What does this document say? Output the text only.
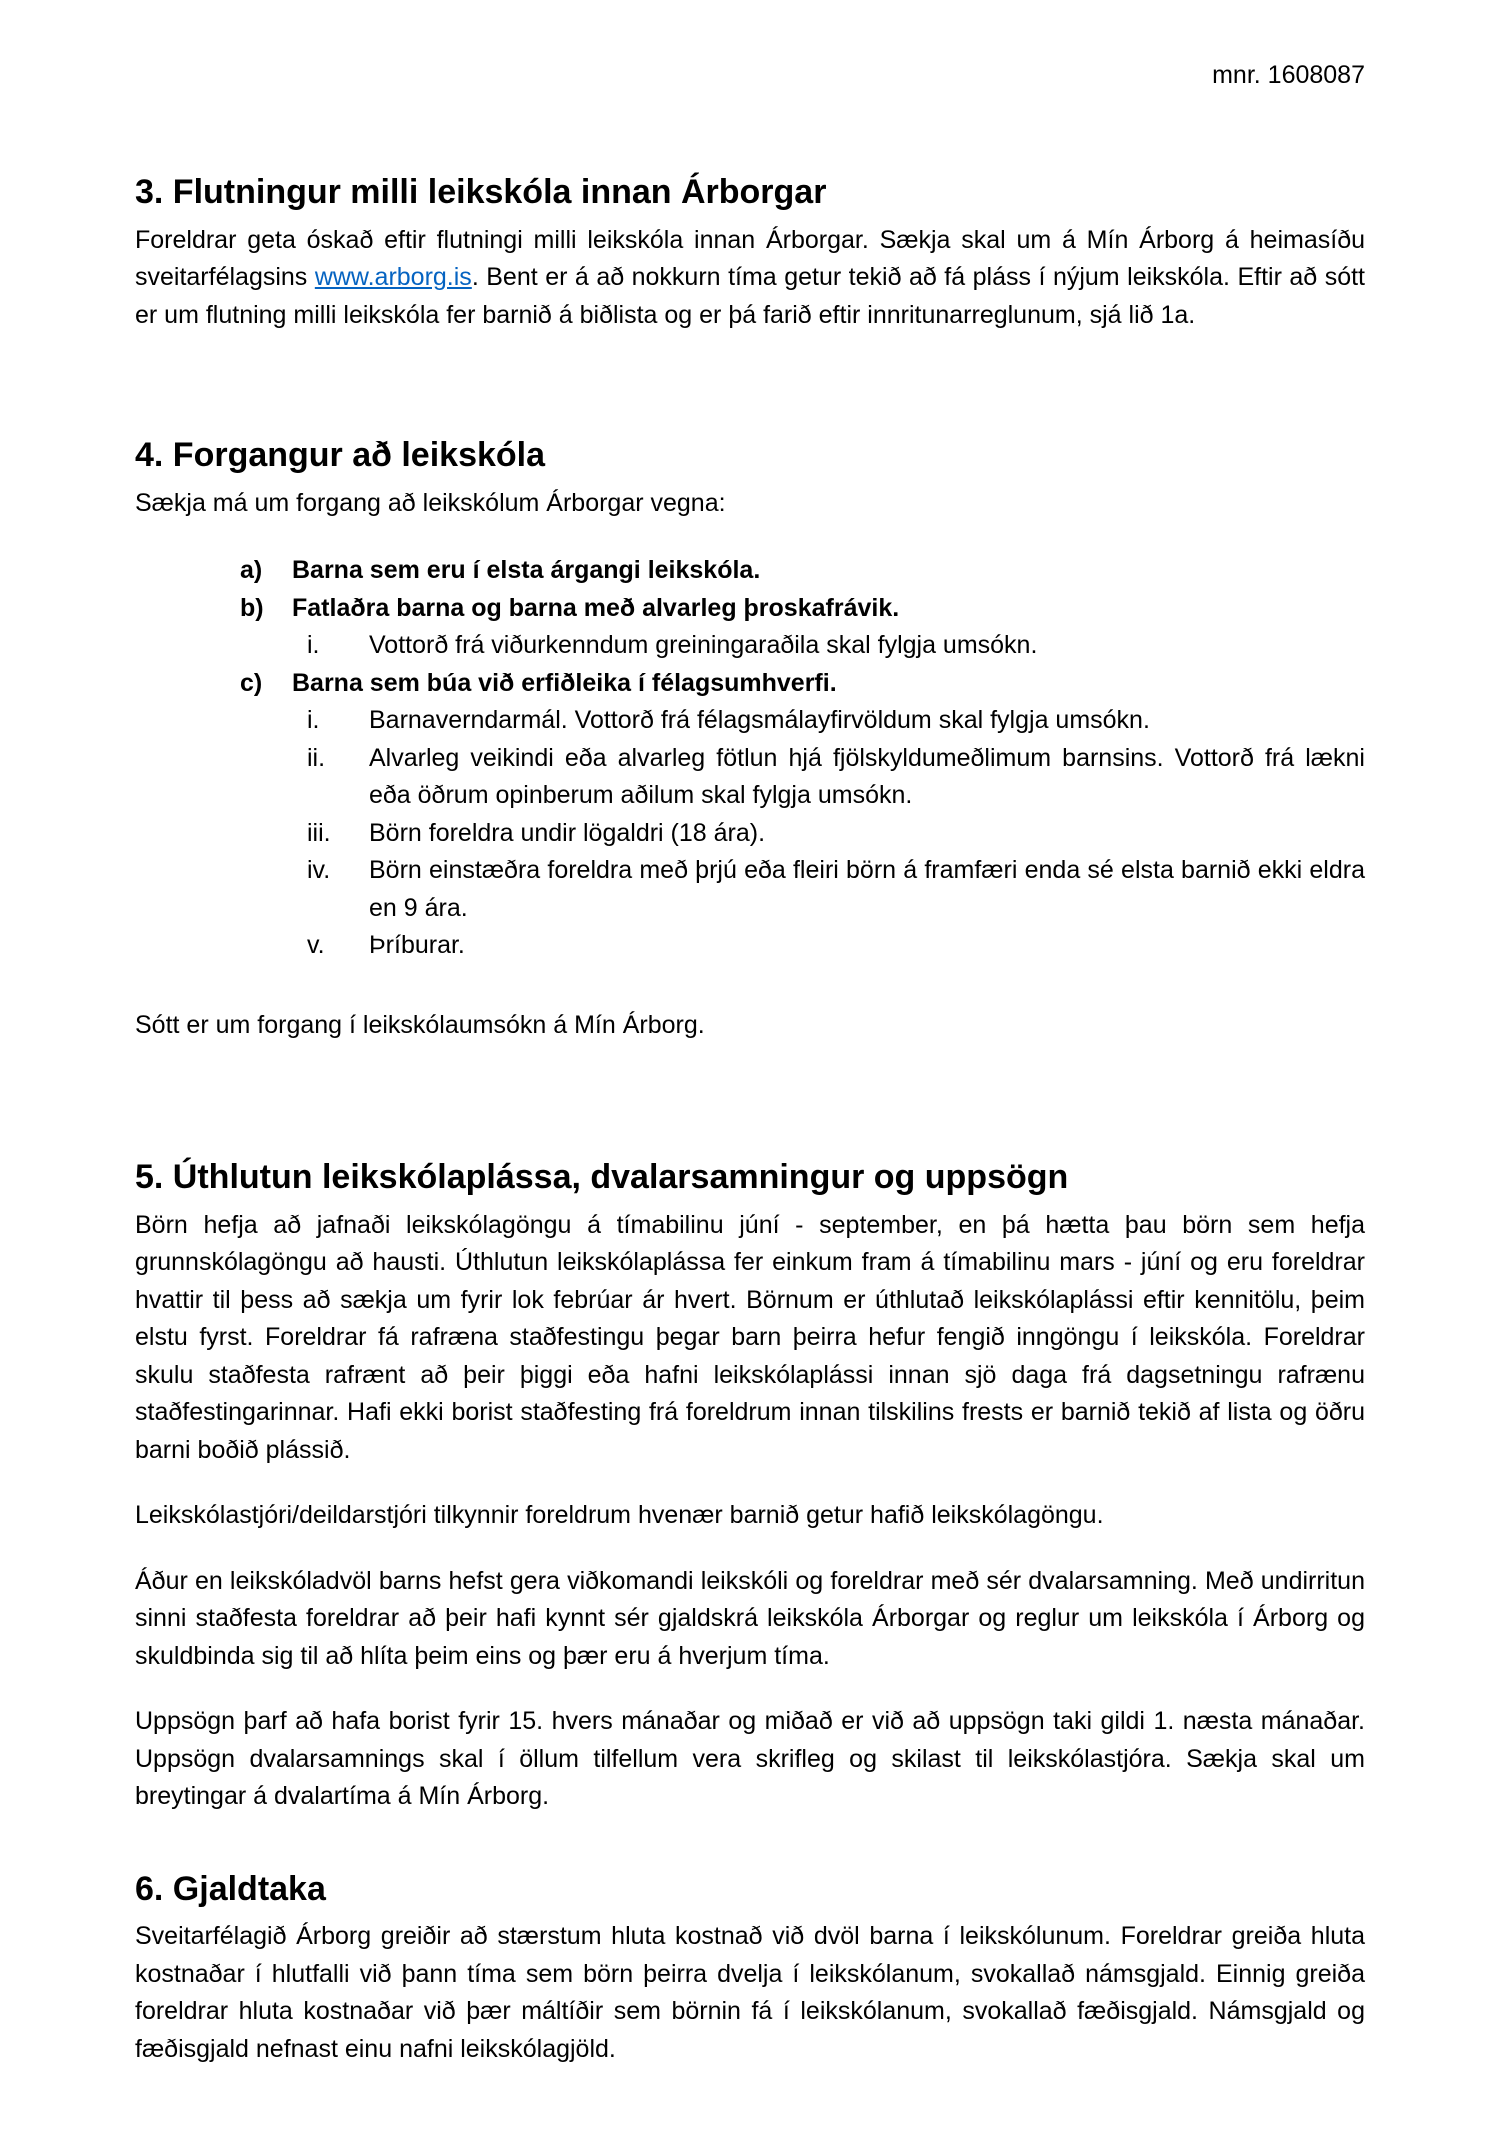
mnr. 1608087
3. Flutningur milli leikskóla innan Árborgar

Foreldrar geta óskað eftir flutningi milli leikskóla innan Árborgar. Sækja skal um á Mín Árborg á heimasíðu sveitarfélagsins www.arborg.is. Bent er á að nokkurn tíma getur tekið að fá pláss í nýjum leikskóla. Eftir að sótt er um flutning milli leikskóla fer barnið á biðlista og er þá farið eftir innritunarreglunum, sjá lið 1a.

4. Forgangur að leikskóla

Sækja má um forgang að leikskólum Árborgar vegna:

a)	Barna sem eru í elsta árgangi leikskóla.
b)	Fatlaðra barna og barna með alvarleg þroskafrávik.
i.	Vottorð frá viðurkenndum greiningaraðila skal fylgja umsókn.
c)	Barna sem búa við erfiðleika í félagsumhverfi.
i.	Barnaverndarmál. Vottorð frá félagsmálayfirvöldum skal fylgja umsókn.
ii.	Alvarleg veikindi eða alvarleg fötlun hjá fjölskyldumeðlimum barnsins. Vottorð frá lækni eða öðrum opinberum aðilum skal fylgja umsókn.
iii.	Börn foreldra undir lögaldri (18 ára).
iv.	Börn einstæðra foreldra með þrjú eða fleiri börn á framfæri enda sé elsta barnið ekki eldra en 9 ára.
v.	Þríburar.

Sótt er um forgang í leikskólaumsókn á Mín Árborg.

5. Úthlutun leikskólaplássa, dvalarsamningur og uppsögn

Börn hefja að jafnaði leikskólagöngu á tímabilinu júní - september, en þá hætta þau börn sem hefja grunnskólagöngu að hausti. Úthlutun leikskólaplássa fer einkum fram á tímabilinu mars - júní og eru foreldrar hvattir til þess að sækja um fyrir lok febrúar ár hvert. Börnum er úthlutað leikskólaplássi eftir kennitölu, þeim elstu fyrst. Foreldrar fá rafræna staðfestingu þegar barn þeirra hefur fengið inngöngu í leikskóla. Foreldrar skulu staðfesta rafrænt að þeir þiggi eða hafni leikskólaplássi innan sjö daga frá dagsetningu rafrænu staðfestingarinnar. Hafi ekki borist staðfesting frá foreldrum innan tilskilins frests er barnið tekið af lista og öðru barni boðið plássið.

Leikskólastjóri/deildarstjóri tilkynnir foreldrum hvenær barnið getur hafið leikskólagöngu.

Áður en leikskóladvöl barns hefst gera viðkomandi leikskóli og foreldrar með sér dvalarsamning. Með undirritun sinni staðfesta foreldrar að þeir hafi kynnt sér gjaldskrá leikskóla Árborgar og reglur um leikskóla í Árborg og skuldbinda sig til að hlíta þeim eins og þær eru á hverjum tíma.

Uppsögn þarf að hafa borist fyrir 15. hvers mánaðar og miðað er við að uppsögn taki gildi 1. næsta mánaðar. Uppsögn dvalarsamnings skal í öllum tilfellum vera skrifleg og skilast til leikskólastjóra. Sækja skal um breytingar á dvalartíma á Mín Árborg.

6. Gjaldtaka

Sveitarfélagið Árborg greiðir að stærstum hluta kostnað við dvöl barna í leikskólunum. Foreldrar greiða hluta kostnaðar í hlutfalli við þann tíma sem börn þeirra dvelja í leikskólanum, svokallað námsgjald. Einnig greiða foreldrar hluta kostnaðar við þær máltíðir sem börnin fá í leikskólanum, svokallað fæðisgjald. Námsgjald og fæðisgjald nefnast einu nafni leikskólagjöld.
